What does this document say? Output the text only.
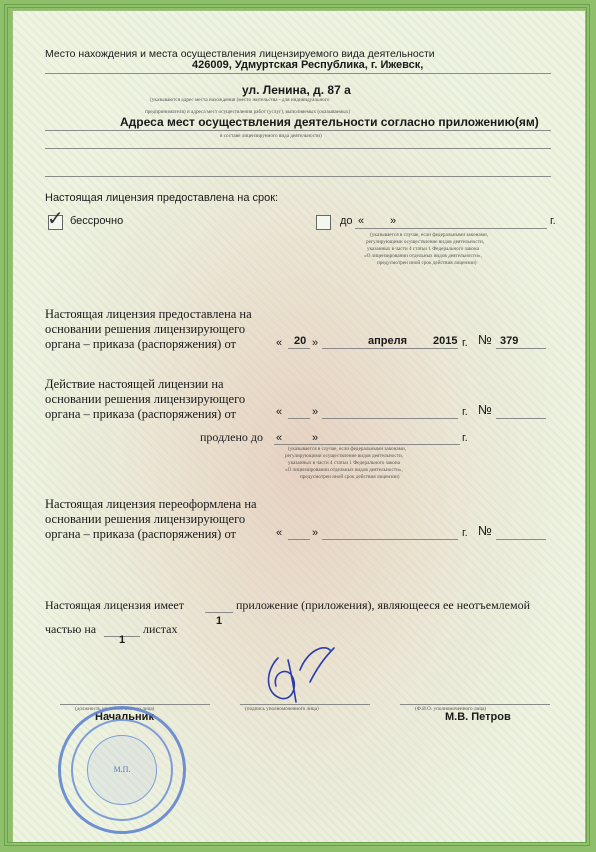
Место нахождения и места осуществления лицензируемого вида деятельности
426009, Удмуртская Республика, г. Ижевск,
ул. Ленина, д. 87 а
(указываются адрес места нахождения (место жительства - для индивидуального
предпринимателя) и адреса мест осуществления работ (услуг), выполняемых (оказываемых)
Адреса мест осуществления деятельности согласно приложению(ям)
в составе лицензируемого вида деятельности)
Настоящая лицензия предоставлена на срок:
✓ бессрочно	до « »	г.
(указывается в случае, если федеральными законами,
регулирующими осуществление видов деятельности,
указанных в части 4 статьи 1 Федерального закона
«О лицензировании отдельных видов деятельности»,
предусмотрен иной срок действия лицензии)
Настоящая лицензия предоставлена на
основании решения лицензирующего
органа – приказа (распоряжения) от	« 20 »	апреля 2015 г. № 379
Действие настоящей лицензии на
основании решения лицензирующего
органа – приказа (распоряжения) от	«	»	г. №
продлено до «	»	г.
(указывается в случае, если федеральными законами,
регулирующими осуществление видов деятельности,
указанных в части 4 статьи 1 Федерального закона
«О лицензировании отдельных видов деятельности»,
предусмотрен иной срок действия лицензии)
Настоящая лицензия переоформлена на
основании решения лицензирующего
органа – приказа (распоряжения) от	«	»	г. №
Настоящая лицензия имеет	приложение (приложения), являющееся ее неотъемлемой
1
частью на	листах
1
(должность уполномоченного лица)	(подпись уполномоченного лица)	(Ф.И.О. уполномоченного лица)
Начальник	М.В. Петров
М.П.
